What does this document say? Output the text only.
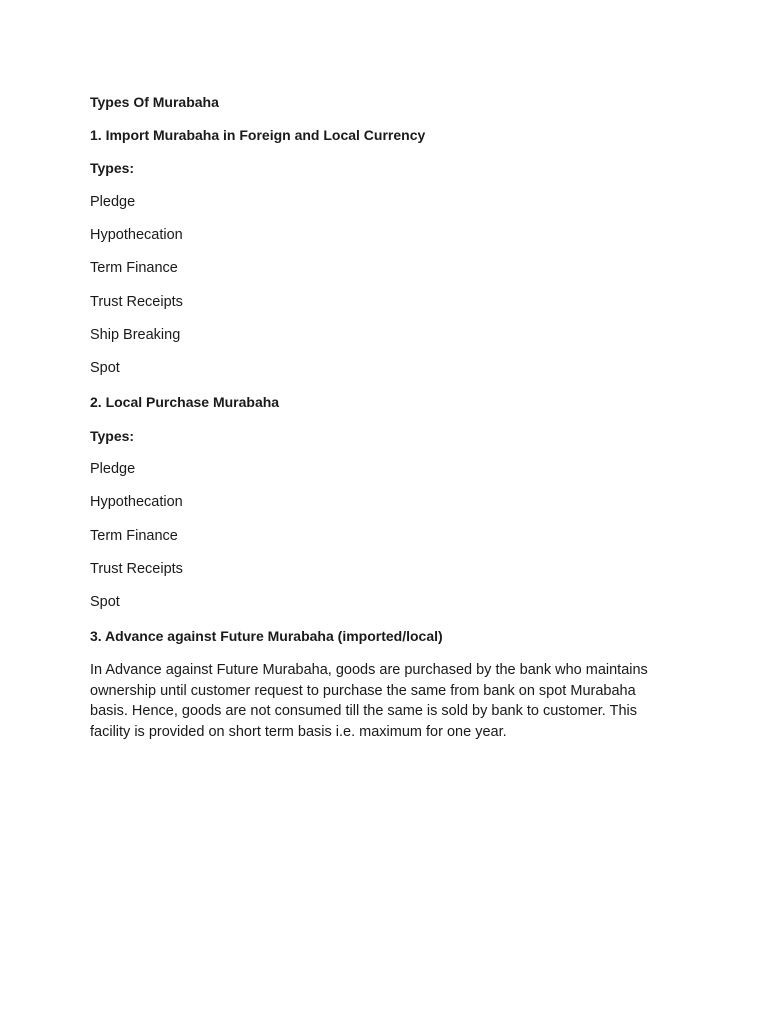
Types Of Murabaha
1. Import Murabaha in Foreign and Local Currency
Types:
Pledge
Hypothecation
Term Finance
Trust Receipts
Ship Breaking
Spot
2. Local Purchase Murabaha
Types:
Pledge
Hypothecation
Term Finance
Trust Receipts
Spot
3. Advance against Future Murabaha (imported/local)
In Advance against Future Murabaha, goods are purchased by the bank who maintains ownership until customer request to purchase the same from bank on spot Murabaha basis. Hence, goods are not consumed till the same is sold by bank to customer. This facility is provided on short term basis i.e. maximum for one year.
